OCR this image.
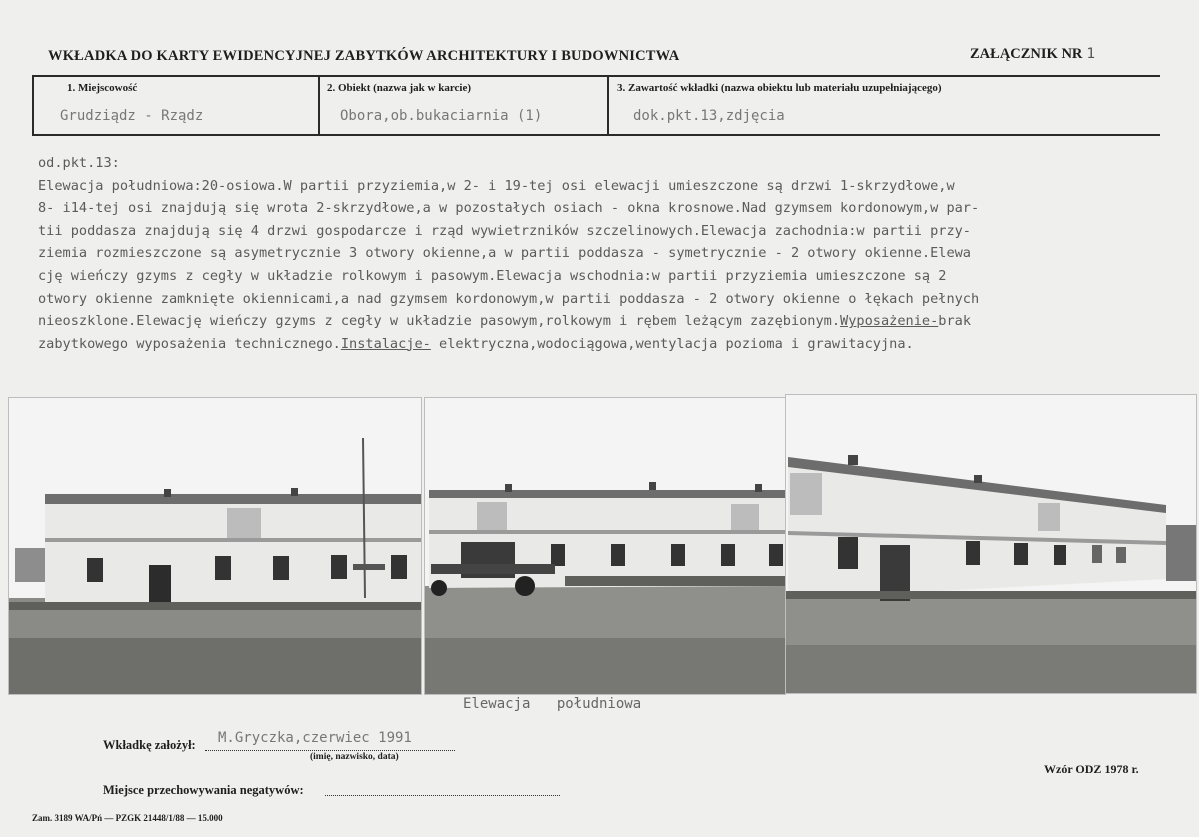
WKŁADKA DO KARTY EWIDENCYJNEJ ZABYTKÓW ARCHITEKTURY I BUDOWNICTWA	ZAŁĄCZNIK NR 1
1. Miejscowość
Grudziądz - Rządz
2. Obiekt (nazwa jak w karcie)
Obora,ob.bukaciarnia (1)
3. Zawartość wkładki (nazwa obiektu lub materiału uzupełniającego)
dok.pkt.13,zdjęcia
od.pkt.13:
Elewacja południowa:20-osiowa.W partii przyziemia,w 2- i 19-tej osi elewacji umieszczone są drzwi 1-skrzydłowe,w
8- i14-tej osi znajdują się wrota 2-skrzydłowe,a w pozostałych osiach - okna krosnowe.Nad gzymsem kordonowym,w par-
tii poddasza znajdują się 4 drzwi gospodarcze i rząd wywietrzników szczelinowych.Elewacja zachodnia:w partii przy-
ziemia rozmieszczone są asymetrycznie 3 otwory okienne,a w partii poddasza - symetrycznie - 2 otwory okienne.Elewa
cję wieńczy gzyms z cegły w układzie rolkowym i pasowym.Elewacja wschodnia:w partii przyziemia umieszczone są 2
otwory okienne zamknięte okiennicami,a nad gzymsem kordonowym,w partii poddasza - 2 otwory okienne o łękach pełnych
nieoszklone.Elewację wieńczy gzyms z cegły w układzie pasowym,rolkowym i rębem leżącym zazębionym.Wyposażenie-brak
zabytkowego wyposażenia technicznego.Instalacje- elektryczna,wodociągowa,wentylacja pozioma i grawitacyjna.
Elewacja południowa
Wkładkę założył: M.Gryczka,czerwiec 1991
(imię, nazwisko, data)
Miejsce przechowywania negatywów:
Wzór ODZ 1978 r.
Zam. 3189 WA/Pń — PZGK 21448/1/88 — 15.000
